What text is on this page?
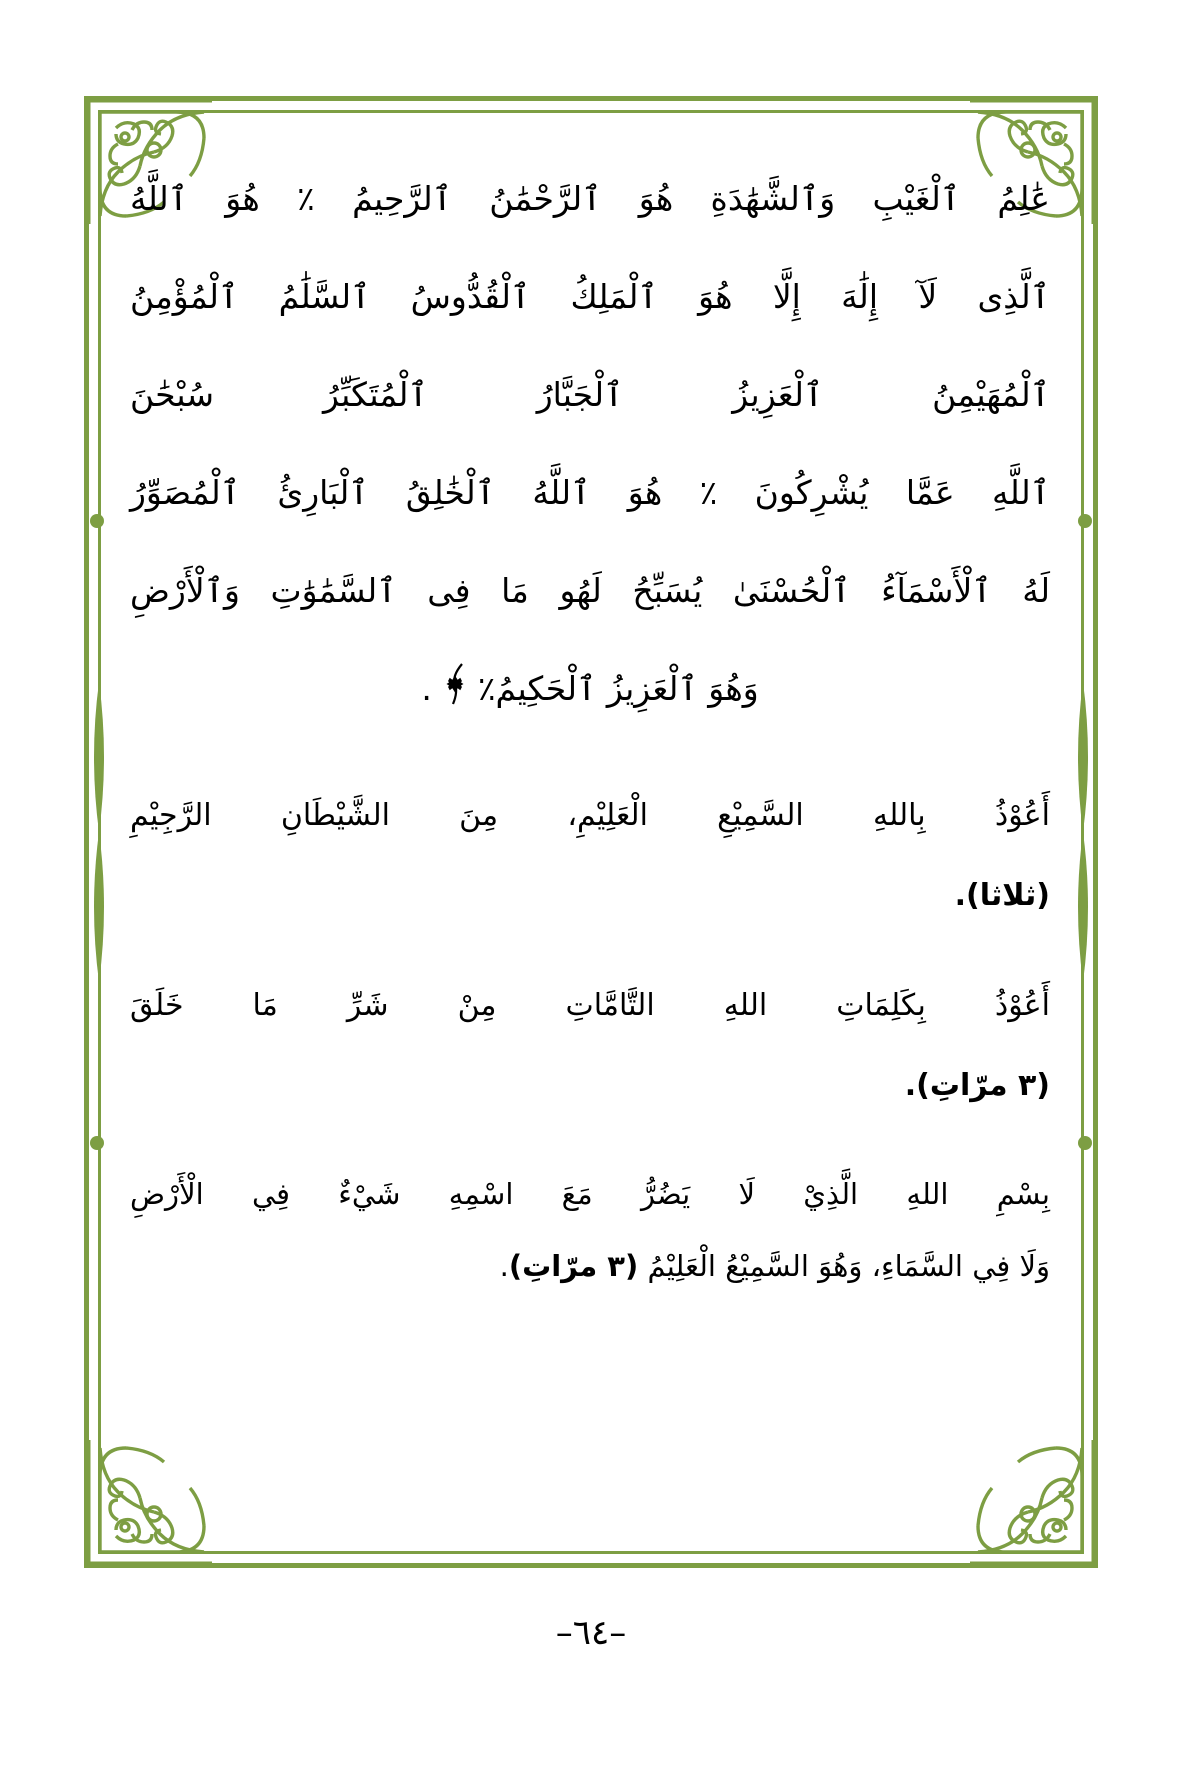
عَٰلِمُ ٱلْغَيْبِ وَٱلشَّهَٰدَةِ هُوَ ٱلرَّحْمَٰنُ ٱلرَّحِيمُ ٪ هُوَ ٱللَّهُ
ٱلَّذِى لَآ إِلَٰهَ إِلَّا هُوَ ٱلْمَلِكُ ٱلْقُدُّوسُ ٱلسَّلَٰمُ ٱلْمُؤْمِنُ
ٱلْمُهَيْمِنُ ٱلْعَزِيزُ ٱلْجَبَّارُ ٱلْمُتَكَبِّرُ سُبْحَٰنَ
ٱللَّهِ عَمَّا يُشْرِكُونَ ٪ هُوَ ٱللَّهُ ٱلْخَٰلِقُ ٱلْبَارِئُ ٱلْمُصَوِّرُ
لَهُ ٱلْأَسْمَآءُ ٱلْحُسْنَىٰ يُسَبِّحُ لَهُو مَا فِى ٱلسَّمَٰوَٰتِ وَٱلْأَرْضِ
وَهُوَ ٱلْعَزِيزُ ٱلْحَكِيمُ٪.
أَعُوْذُ بِاللهِ السَّمِيْعِ الْعَلِيْمِ، مِنَ الشَّيْطَانِ الرَّجِيْمِ
(ثلاثا).
أَعُوْذُ بِكَلِمَاتِ اللهِ التَّامَّاتِ مِنْ شَرِّ مَا خَلَقَ
(٣ مرّاتِ).
بِسْمِ اللهِ الَّذِيْ لَا يَضُرُّ مَعَ اسْمِهِ شَيْءٌ فِي الْأَرْضِ
وَلَا فِي السَّمَاءِ، وَهُوَ السَّمِيْعُ الْعَلِيْمُ (٣ مرّاتِ).
–٦٤–
